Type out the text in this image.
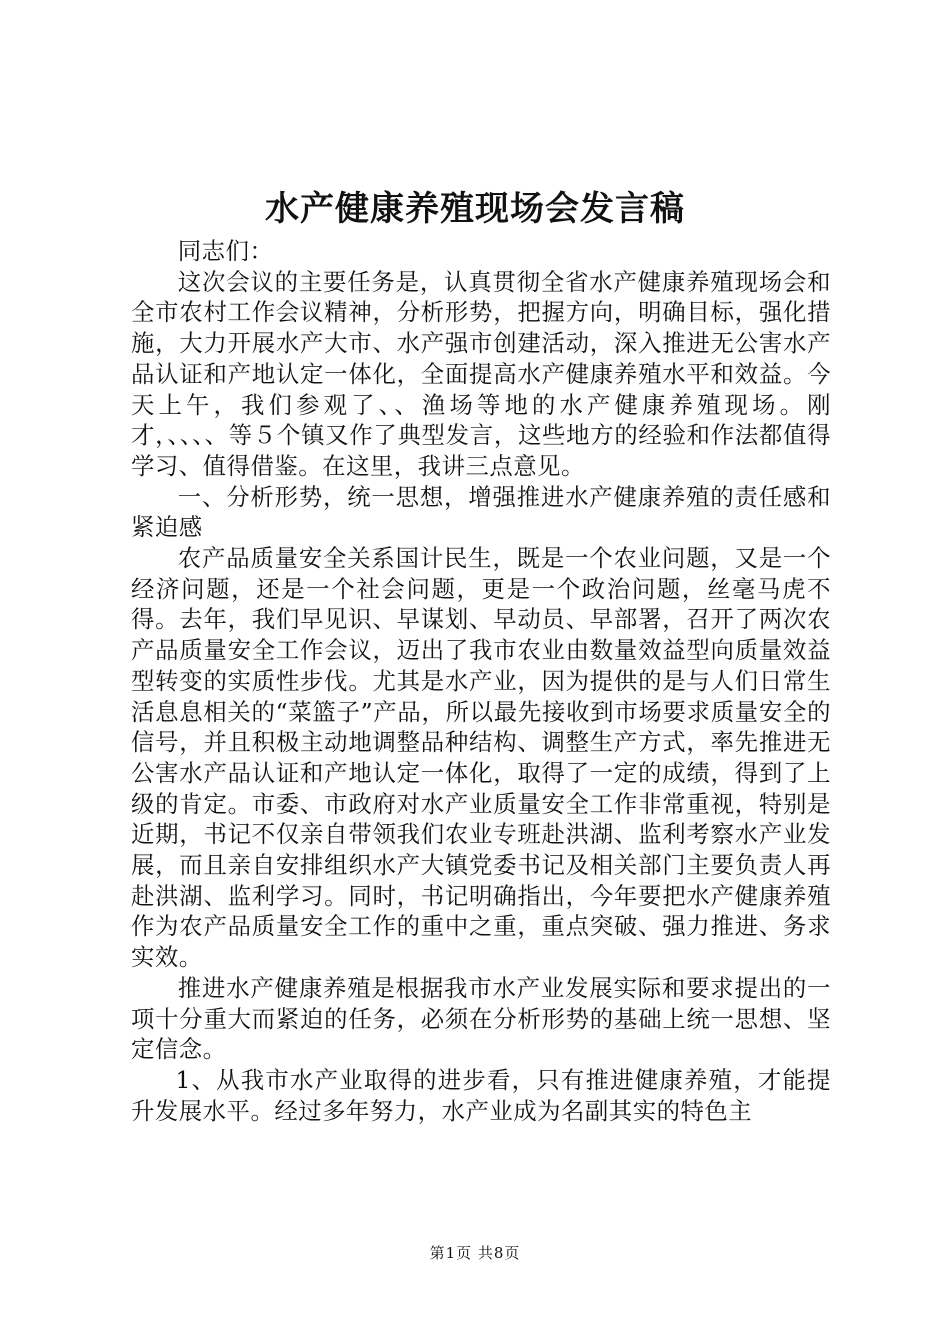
水产健康养殖现场会发言稿

同志们：

这次会议的主要任务是，认真贯彻全省水产健康养殖现场会和全市农村工作会议精神，分析形势，把握方向，明确目标，强化措施，大力开展水产大市、水产强市创建活动，深入推进无公害水产品认证和产地认定一体化，全面提高水产健康养殖水平和效益。今天上午，我们参观了、、渔场等地的水产健康养殖现场。刚才，、、、、等５个镇又作了典型发言，这些地方的经验和作法都值得学习、值得借鉴。在这里，我讲三点意见。

一、分析形势，统一思想，增强推进水产健康养殖的责任感和紧迫感

农产品质量安全关系国计民生，既是一个农业问题，又是一个经济问题，还是一个社会问题，更是一个政治问题，丝毫马虎不得。去年，我们早见识、早谋划、早动员、早部署，召开了两次农产品质量安全工作会议，迈出了我市农业由数量效益型向质量效益型转变的实质性步伐。尤其是水产业，因为提供的是与人们日常生活息息相关的“菜篮子”产品，所以最先接收到市场要求质量安全的信号，并且积极主动地调整品种结构、调整生产方式，率先推进无公害水产品认证和产地认定一体化，取得了一定的成绩，得到了上级的肯定。市委、市政府对水产业质量安全工作非常重视，特别是近期，书记不仅亲自带领我们农业专班赴洪湖、监利考察水产业发展，而且亲自安排组织水产大镇党委书记及相关部门主要负责人再赴洪湖、监利学习。同时，书记明确指出，今年要把水产健康养殖作为农产品质量安全工作的重中之重，重点突破、强力推进、务求实效。

推进水产健康养殖是根据我市水产业发展实际和要求提出的一项十分重大而紧迫的任务，必须在分析形势的基础上统一思想、坚定信念。

1、从我市水产业取得的进步看，只有推进健康养殖，才能提升发展水平。经过多年努力，水产业成为名副其实的特色主

第1页 共8页
